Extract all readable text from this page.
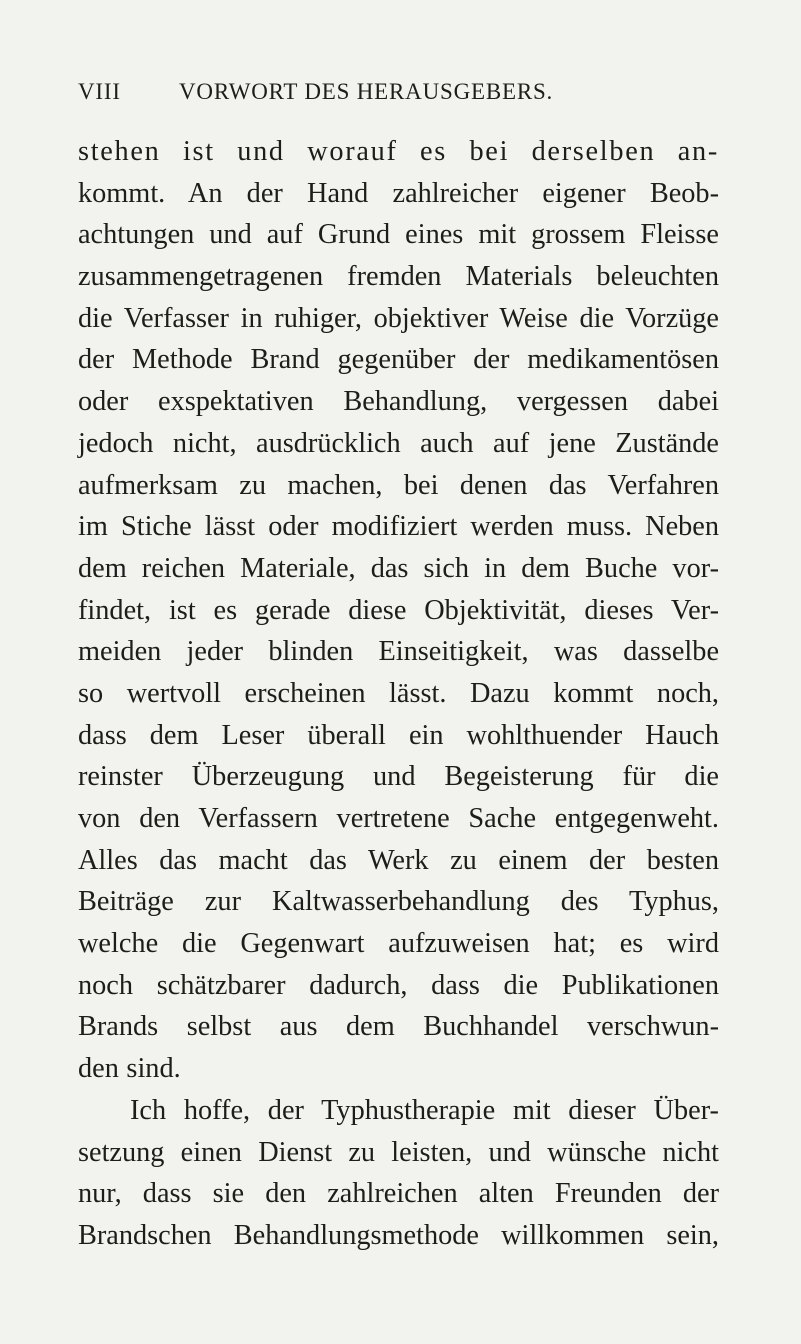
VIII	VORWORT DES HERAUSGEBERS.
stehen ist und worauf es bei derselben an-
kommt. An der Hand zahlreicher eigener Beob-
achtungen und auf Grund eines mit grossem Fleisse
zusammengetragenen fremden Materials beleuchten
die Verfasser in ruhiger, objektiver Weise die Vorzüge
der Methode Brand gegenüber der medikamentösen
oder exspektativen Behandlung, vergessen dabei
jedoch nicht, ausdrücklich auch auf jene Zustände
aufmerksam zu machen, bei denen das Verfahren
im Stiche lässt oder modifiziert werden muss. Neben
dem reichen Materiale, das sich in dem Buche vor-
findet, ist es gerade diese Objektivität, dieses Ver-
meiden jeder blinden Einseitigkeit, was dasselbe
so wertvoll erscheinen lässt. Dazu kommt noch,
dass dem Leser überall ein wohlthuender Hauch
reinster Überzeugung und Begeisterung für die
von den Verfassern vertretene Sache entgegenweht.
Alles das macht das Werk zu einem der besten
Beiträge zur Kaltwasserbehandlung des Typhus,
welche die Gegenwart aufzuweisen hat; es wird
noch schätzbarer dadurch, dass die Publikationen
Brands selbst aus dem Buchhandel verschwun-
den sind.
Ich hoffe, der Typhustherapie mit dieser Über-
setzung einen Dienst zu leisten, und wünsche nicht
nur, dass sie den zahlreichen alten Freunden der
Brandschen Behandlungsmethode willkommen sein,
